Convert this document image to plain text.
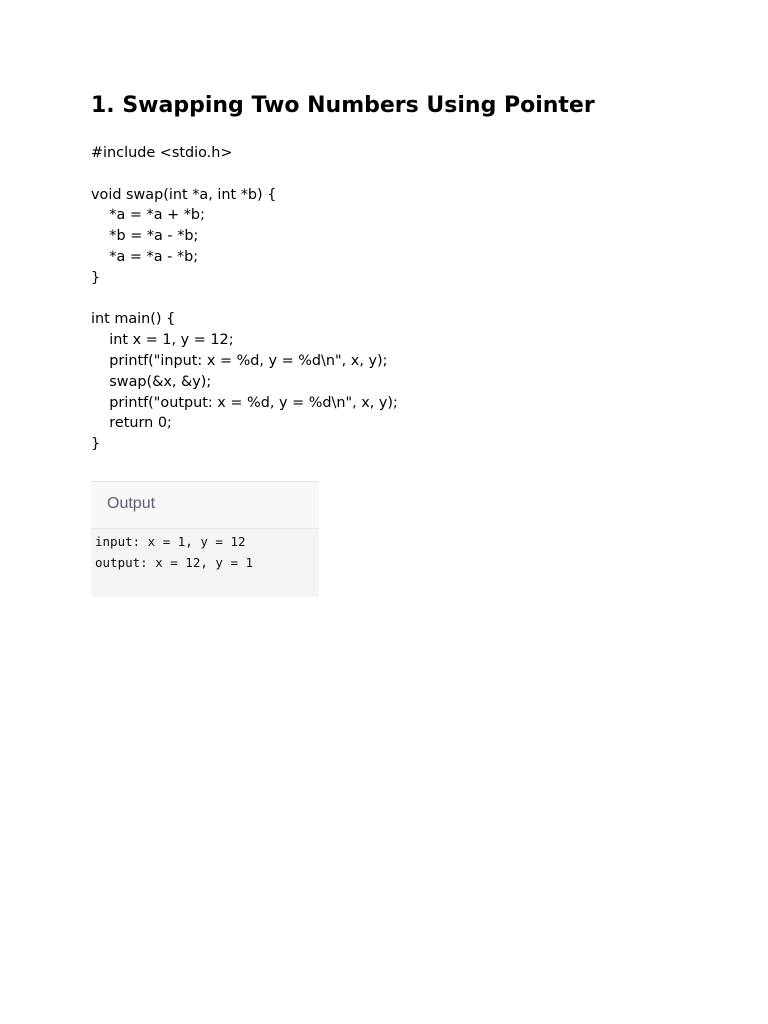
1. Swapping Two Numbers Using Pointer
#include <stdio.h>
void swap(int *a, int *b) {
*a = *a + *b;
*b = *a - *b;
*a = *a - *b;
}
int main() {
int x = 1, y = 12;
printf("input: x = %d, y = %d\n", x, y);
swap(&x, &y);
printf("output: x = %d, y = %d\n", x, y);
return 0;
}
Output
input: x = 1, y = 12
output: x = 12, y = 1
